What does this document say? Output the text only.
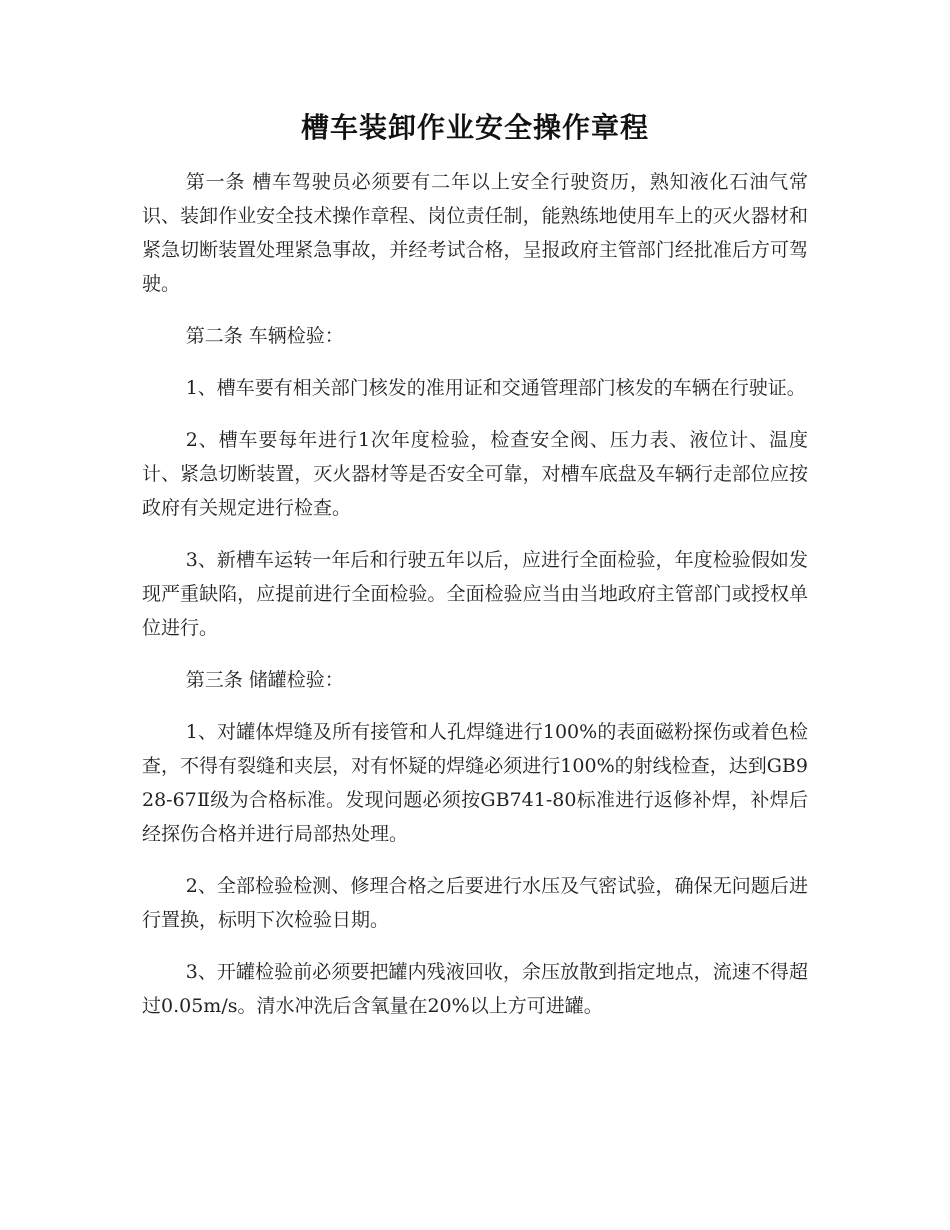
槽车装卸作业安全操作章程

第一条 槽车驾驶员必须要有二年以上安全行驶资历，熟知液化石油气常识、装卸作业安全技术操作章程、岗位责任制，能熟练地使用车上的灭火器材和紧急切断装置处理紧急事故，并经考试合格，呈报政府主管部门经批准后方可驾驶。

第二条 车辆检验：

1、槽车要有相关部门核发的准用证和交通管理部门核发的车辆在行驶证。

2、槽车要每年进行1次年度检验，检查安全阀、压力表、液位计、温度计、紧急切断装置，灭火器材等是否安全可靠，对槽车底盘及车辆行走部位应按政府有关规定进行检查。

3、新槽车运转一年后和行驶五年以后，应进行全面检验，年度检验假如发现严重缺陷，应提前进行全面检验。全面检验应当由当地政府主管部门或授权单位进行。

第三条 储罐检验：

1、对罐体焊缝及所有接管和人孔焊缝进行100%的表面磁粉探伤或着色检查，不得有裂缝和夹层，对有怀疑的焊缝必须进行100%的射线检查，达到GB928-67Ⅱ级为合格标准。发现问题必须按GB741-80标准进行返修补焊，补焊后经探伤合格并进行局部热处理。

2、全部检验检测、修理合格之后要进行水压及气密试验，确保无问题后进行置换，标明下次检验日期。

3、开罐检验前必须要把罐内残液回收，余压放散到指定地点，流速不得超过0.05m/s。清水冲洗后含氧量在20%以上方可进罐。
